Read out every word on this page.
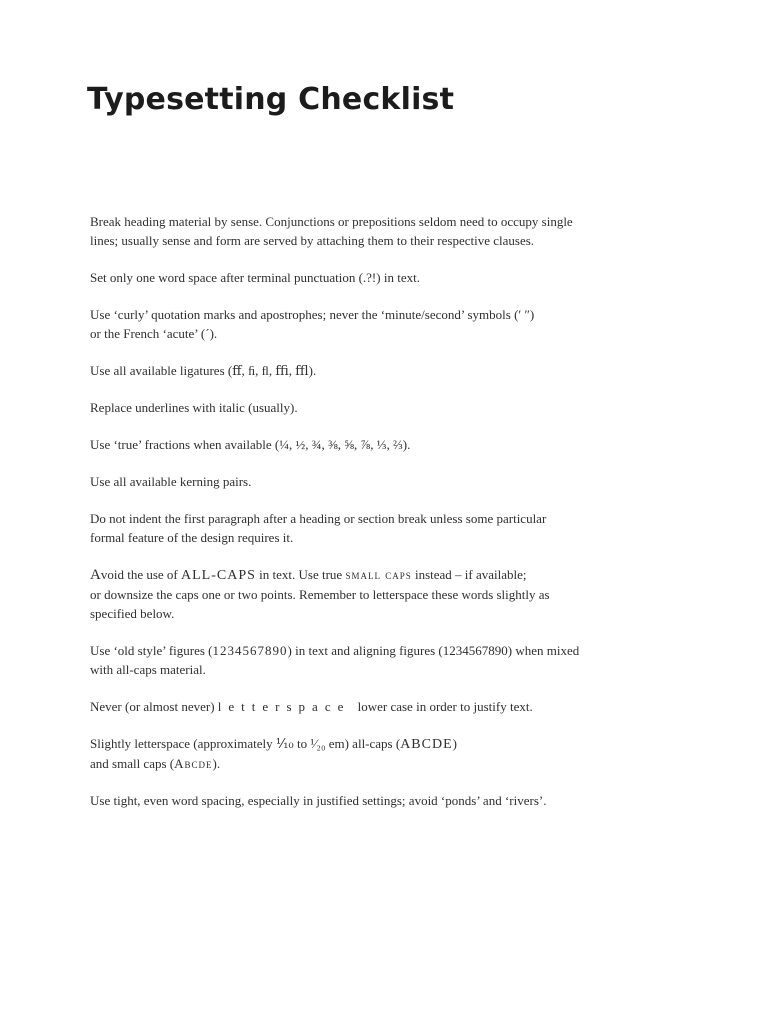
Typesetting Checklist

Break heading material by sense. Conjunctions or prepositions seldom need to occupy single
lines; usually sense and form are served by attaching them to their respective clauses.

Set only one word space after terminal punctuation (.?!) in text.

Use ‘curly’ quotation marks and apostrophes; never the ‘minute/second’ symbols (′ ″)
or the French ‘acute’ (´).

Use all available ligatures (ﬀ, ﬁ, ﬂ, ﬃ, ﬄ).

Replace underlines with italic (usually).

Use ‘true’ fractions when available (¼, ½, ¾, ⅜, ⅝, ⅞, ⅓, ⅔).

Use all available kerning pairs.

Do not indent the first paragraph after a heading or section break unless some particular
formal feature of the design requires it.

Avoid the use of ALL-CAPS in text. Use true small caps instead – if available;
or downsize the caps one or two points. Remember to letterspace these words slightly as
specified below.

Use ‘old style’ figures (1234567890) in text and aligning figures (1234567890) when mixed
with all-caps material.

Never (or almost never) letterspace lower case in order to justify text.

Slightly letterspace (approximately ⅒ to ¹⁄₂₀ em) all-caps (ABCDE)
and small caps (Abcde).

Use tight, even word spacing, especially in justified settings; avoid ‘ponds’ and ‘rivers’.
